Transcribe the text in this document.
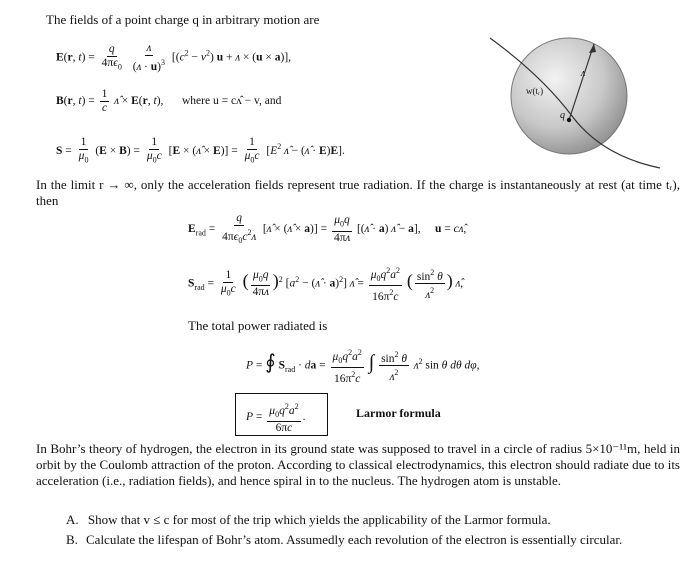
The fields of a point charge q in arbitrary motion are
E(r, $t) = \frac{q}{4\pi\epsilon_0}$
$\frac{\text{ᴧ}}{(ᴧ \cdot u)^3} [(c^2 - v^2) u$ + ᴧ × (u × a)],
B(r, $t) = \frac{1}{c}$ ᴧ̂ × E(r, t), where u = cᴧ̂ − v, and
$S = \frac{1}{\mu_0} (E \times B) = \frac{1}{\mu_0c} [E$ × (ᴧ̂ × $E)] = \frac{1}{\mu_0c} [E^2$ ᴧ̂ − (ᴧ̂ · E)E].
w(tᵣ)
ᴧ
q
In the limit r → ∞, only the acceleration fields represent true radiation. If the charge is instantaneously at rest (at time tᵣ), then
$E_{rad} = \frac{q}{4\pi\epsilon_0c^2ᴧ}$ [ᴧ̂ × (ᴧ̂ × $a)] = \frac{\mu_0q}{\text{4πᴧ}}$ [(ᴧ̂ · a) ᴧ̂ − a],     u = cᴧ̂,
$S_{rad} = \frac{1}{\mu_0c}$ ( $\frac{\mu_0q}{\text{4πᴧ}} )^2$ [$a^2$ − (ᴧ̂ · a)$^2$] ᴧ̂ = $\frac{\mu_0q^2a^2}{16\pi^2c}$ ( $\frac{\sin^2 \theta}{ᴧ^2}$ ) ᴧ̂,
The total power radiated is
P = ∮ $S_{rad}$ · da = $\frac{\mu_0q^2a^2}{16\pi^2c}$ ∫ $\frac{\sin^2 \theta}{ᴧ^2}$ ᴧ$^2$ sin θ dθ dφ,
$P = \frac{\mu_0q^2a^2}{6\pi c}$ .	Larmor formula
In Bohr’s theory of hydrogen, the electron in its ground state was supposed to travel in a circle of radius 5×10⁻¹¹m, held in orbit by the Coulomb attraction of the proton. According to classical electrodynamics, this electron should radiate due to its acceleration (i.e., radiation fields), and hence spiral in to the nucleus. The hydrogen atom is unstable.
A. Show that v ≤ c for most of the trip which yields the applicability of the Larmor formula.
B. Calculate the lifespan of Bohr’s atom. Assumedly each revolution of the electron is essentially circular.
